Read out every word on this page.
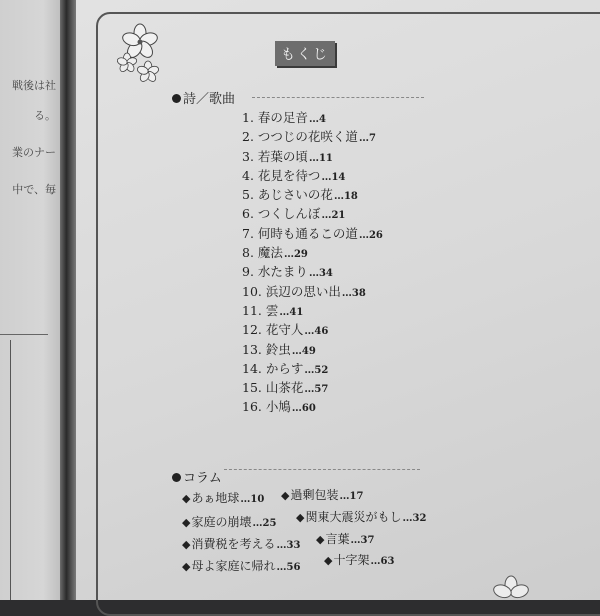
戦後は社
る。
業のナー
中で、毎
もくじ
詩／歌曲
1. 春の足音…4
2. つつじの花咲く道…7
3. 若葉の頃…11
4. 花見を待つ…14
5. あじさいの花…18
6. つくしんぼ…21
7. 何時も通るこの道…26
8. 魔法…29
9. 水たまり…34
10. 浜辺の思い出…38
11. 雲…41
12. 花守人…46
13. 鈴虫…49
14. からす…52
15. 山茶花…57
16. 小鳩…60
コラム
◆あぁ地球…10 ◆過剰包装…17
◆家庭の崩壊…25 ◆関東大震災がもし…32
◆消費税を考える…33 ◆言葉…37
◆母よ家庭に帰れ…56
◆十字架…63
